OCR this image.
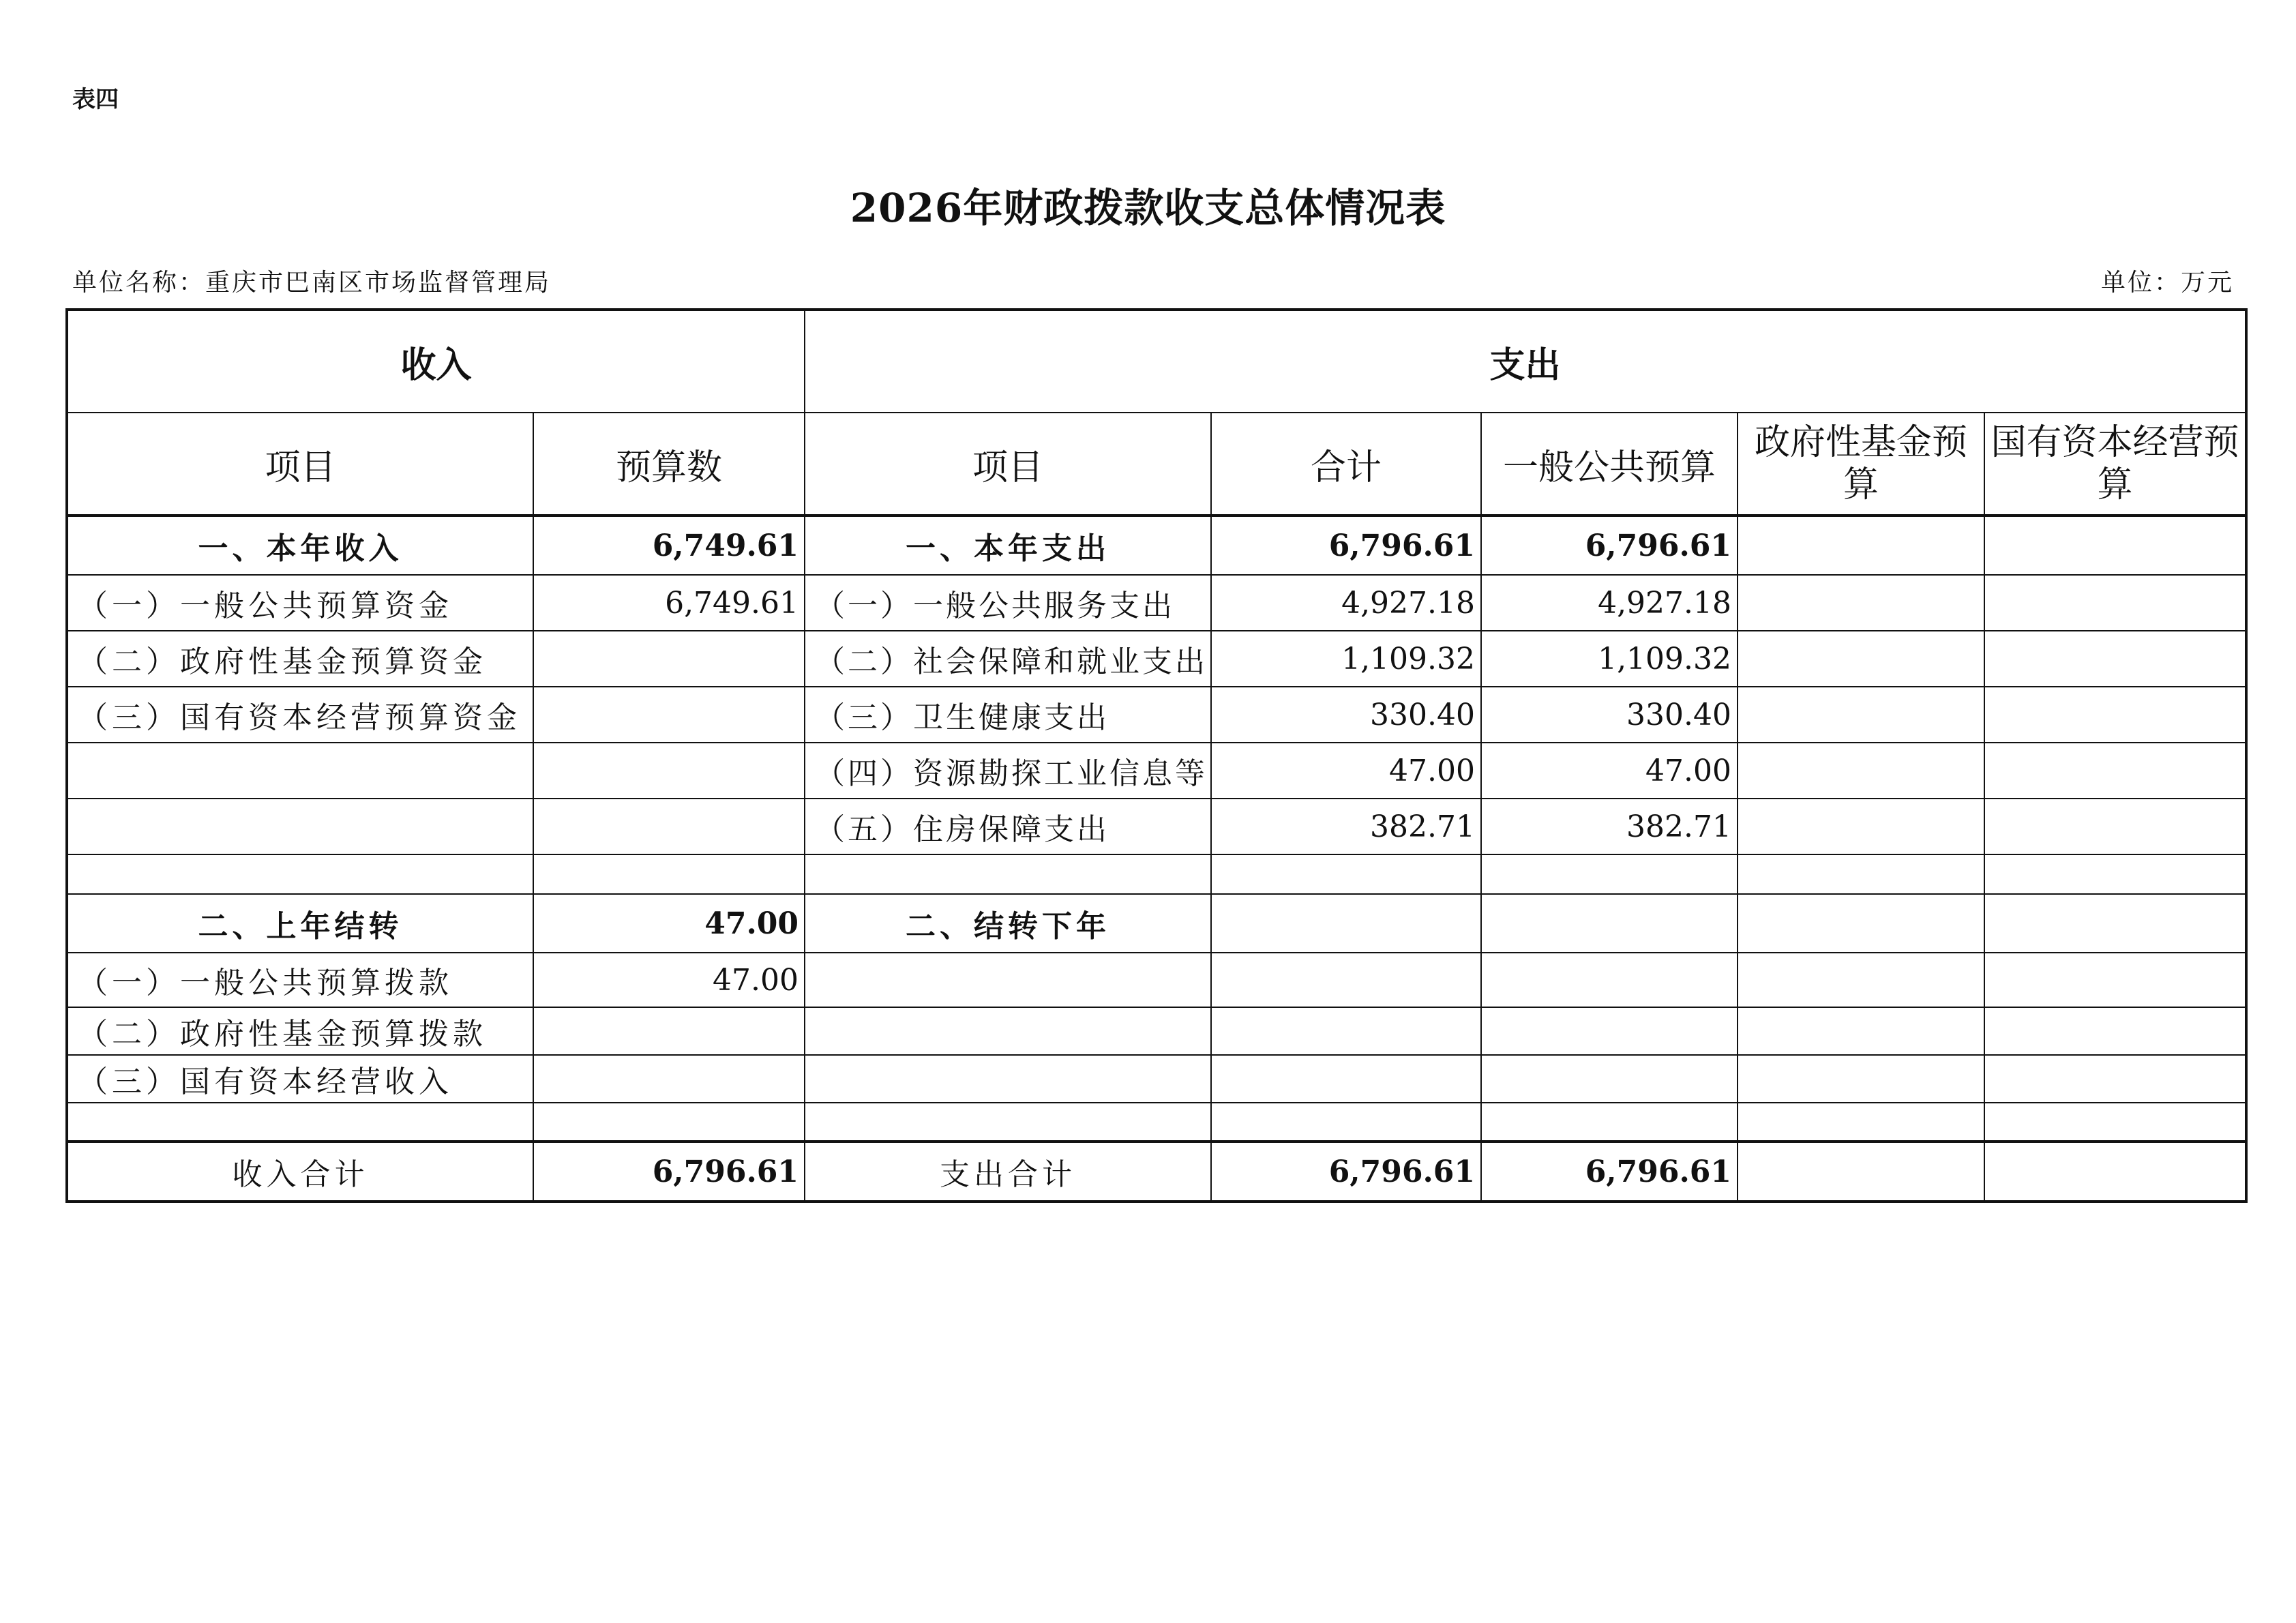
表四
2026年财政拨款收支总体情况表
单位名称：重庆市巴南区市场监督管理局	单位：万元
收入		支出				
项目	预算数	项目	合计	一般公共预算	政府性基金预算	国有资本经营预算
一、本年收入	6,749.61	一、本年支出	6,796.61	6,796.61		
（一）一般公共预算资金	6,749.61	（一）一般公共服务支出	4,927.18	4,927.18		
（二）政府性基金预算资金		（二）社会保障和就业支出	1,109.32	1,109.32		
（三）国有资本经营预算资金		（三）卫生健康支出	330.40	330.40		
		（四）资源勘探工业信息等	47.00	47.00		
		（五）住房保障支出	382.71	382.71		

二、上年结转	47.00	二、结转下年				
（一）一般公共预算拨款	47.00					
（二）政府性基金预算拨款						
（三）国有资本经营收入						

收入合计	6,796.61	支出合计	6,796.61	6,796.61		
